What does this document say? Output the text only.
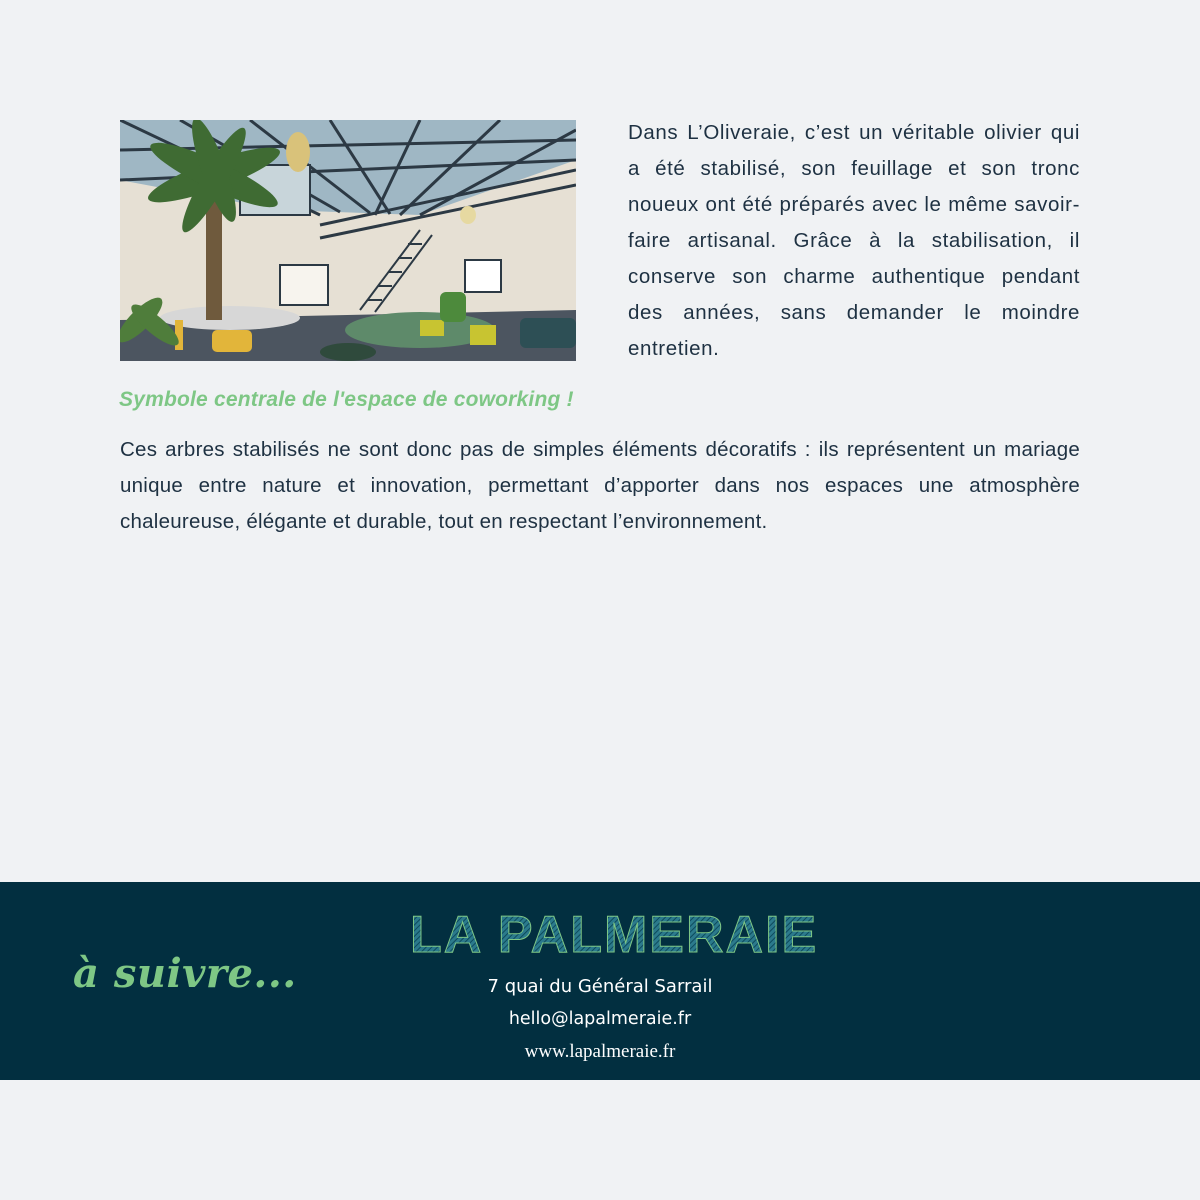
Dans L’Oliveraie, c’est un véritable olivier qui a été stabilisé, son feuillage et son tronc noueux ont été préparés avec le même savoir-faire artisanal. Grâce à la stabilisation, il conserve son charme authentique pendant des années, sans demander le moindre entretien.

Symbole centrale de l'espace de coworking !

Ces arbres stabilisés ne sont donc pas de simples éléments décoratifs : ils représentent un mariage unique entre nature et innovation, permettant d’apporter dans nos espaces une atmosphère chaleureuse, élégante et durable, tout en respectant l’environnement.

à suivre...

LA PALMERAIE

7 quai du Général Sarrail

hello@lapalmeraie.fr

www.lapalmeraie.fr
